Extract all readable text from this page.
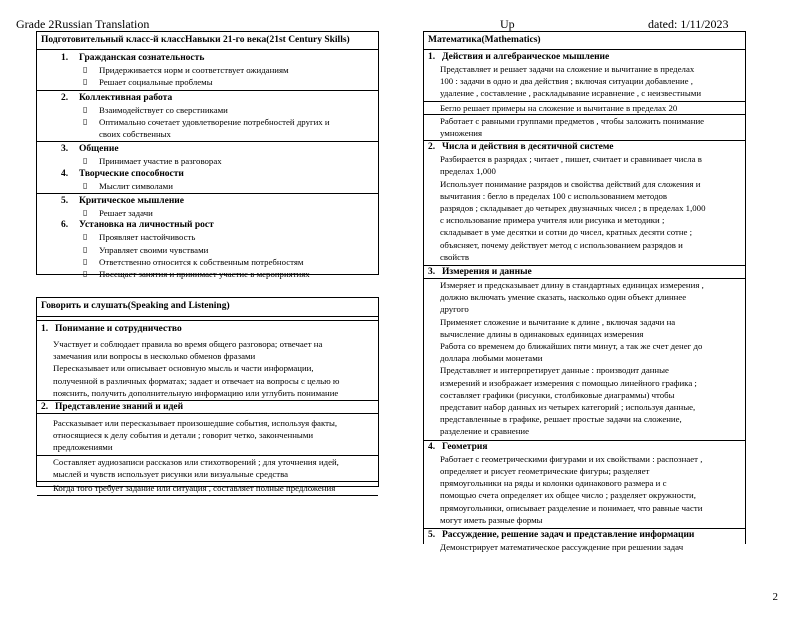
Grade 2Russian Translation	Up	dated: 1/11/2023
Подготовительный класс-й классНавыки 21-го века(21st Century Skills)
1. Гражданская сознательность
▯ Придерживается норм и соответствует ожиданиям
▯ Решает социальные проблемы
2. Коллективная работа
▯ Взаимодействует со сверстниками
▯ Оптимально сочетает удовлетворение потребностей других и
своих собственных
3. Общение
▯ Принимает участие в разговорах
4. Творческие способности
▯ Мыслит символами
5. Критическое мышление
▯ Решает задачи
6. Установка на личностный рост
▯ Проявляет настойчивость
▯ Управляет своими чувствами
▯ Ответственно относится к собственным потребностям
▯ Посещает занятия и принимает участие в мероприятиях
Говорить и слушать(Speaking and Listening)
1. Понимание и сотрудничество
Участвует и соблюдает правила во время общего разговора; отвечает на
замечания или вопросы в несколько обменов фразами
Пересказывает или описывает основную мысль и части информации,
полученной в различных форматах; задает и отвечает на вопросы с целью ю
пояснить, получить дополнительную информацию или углубить понимание
2. Представление знаний и идей
Рассказывает или пересказывает произошедшие события, используя факты,
относящиеся к делу события и детали ; говорит четко, законченными
предложениями
Составляет аудиозаписи рассказов или стихотворений ; для уточнения идей,
мыслей и чувств использует рисунки или визуальные средства
Когда того требует задание или ситуация , составляет полные предложения
Математика(Mathematics)
1. Действия и алгебраическое мышление
Представляет и решает задачи на сложение и вычитание в пределах
100 : задачи в одно и два действия ; включая ситуации добавление ,
удаление , составление , раскладывание исравнение , с неизвестными
Бегло решает примеры на сложение и вычитание в пределах 20
Работает с равными группами предметов , чтобы заложить понимание
умножения
2. Числа и действия в десятичной системе
Разбирается в разрядах ; читает , пишет, считает и сравнивает числа в
пределах 1,000
Использует понимание разрядов и свойства действий для сложения и
вычитания : бегло в пределах 100 с использованием методов
разрядов ; складывает до четырех двузначных чисел ; в пределах 1,000
с использование примера учителя или рисунка и методики ;
складывает в уме десятки и сотни до чисел, кратных десяти сотне ;
объясняет, почему действует метод с использованием разрядов и
свойств
3. Измерения и данные
Измеряет и предсказывает длину в стандартных единицах измерения ,
должно включать умение сказать, насколько один объект длиннее
другого
Применяет сложение и вычитание к длине , включая задачи на
вычисление длины в одинаковых единицах измерения
Работа со временем до ближайших пяти минут, а так же счет денег до
доллара любыми монетами
Представляет и интерпретирует данные : производит данные
измерений и изображает измерения с помощью линейного графика ;
составляет графики (рисунки, столбиковые диаграммы) чтобы
представит набор данных из четырех категорий ; используя данные,
представленные в графике, решает простые задачи на сложение,
разделение и сравнение
4. Геометрия
Работает с геометрическими фигурами и их свойствами : распознает ,
определяет и рисует геометрические фигуры; разделяет
прямоугольники на ряды и колонки одинакового размера и с
помощью счета определяет их общее число ; разделяет окружности,
прямоугольники, описывает разделение и понимает, что равные части
могут иметь разные формы
5. Рассуждение, решение задач и представление информации
Демонстрирует математическое рассуждение при решении задач
2
